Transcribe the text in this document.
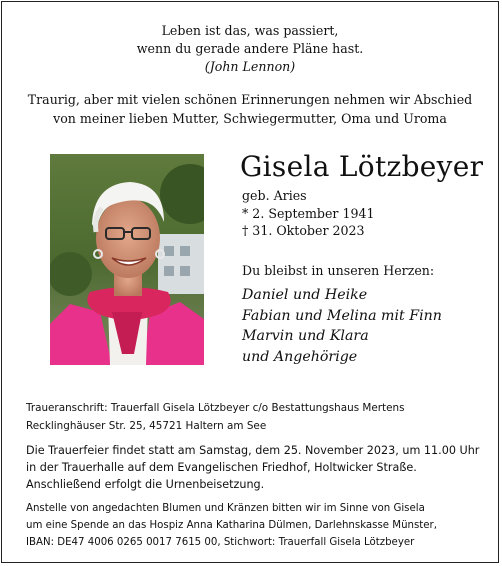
Leben ist das, was passiert,
wenn du gerade andere Pläne hast.
(John Lennon)
Traurig, aber mit vielen schönen Erinnerungen nehmen wir Abschied
von meiner lieben Mutter, Schwiegermutter, Oma und Uroma
Gisela Lötzbeyer
geb. Aries
* 2. September 1941
† 31. Oktober 2023
Du bleibst in unseren Herzen:
Daniel und Heike
Fabian und Melina mit Finn
Marvin und Klara
und Angehörige
Traueranschrift: Trauerfall Gisela Lötzbeyer c/o Bestattungshaus Mertens
Recklinghäuser Str. 25, 45721 Haltern am See
Die Trauerfeier findet statt am Samstag, dem 25. November 2023, um 11.00 Uhr
in der Trauerhalle auf dem Evangelischen Friedhof, Holtwicker Straße.
Anschließend erfolgt die Urnenbeisetzung.
Anstelle von angedachten Blumen und Kränzen bitten wir im Sinne von Gisela
um eine Spende an das Hospiz Anna Katharina Dülmen, Darlehnskasse Münster,
IBAN: DE47 4006 0265 0017 7615 00, Stichwort: Trauerfall Gisela Lötzbeyer
